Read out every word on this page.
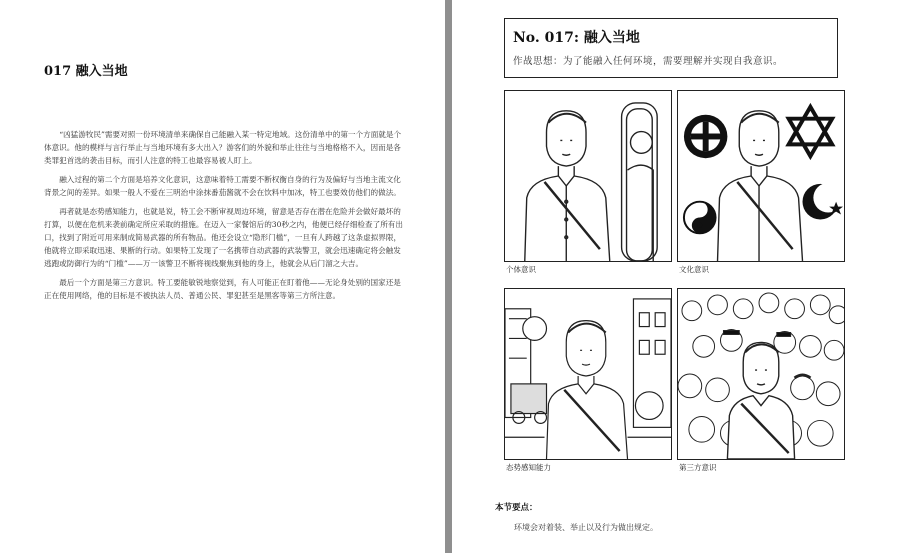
017 融入当地

“凶猛游牧民”需要对照一份环境清单来确保自己能融入某一特定地域。这份清单中的第一个方面就是个体意识。他的模样与言行举止与当地环境有多大出入？游客们的外貌和举止往往与当地格格不入，因而是各类罪犯首选的袭击目标，而引人注意的特工也最容易被人盯上。

融入过程的第二个方面是培养文化意识，这意味着特工需要不断权衡自身的行为及偏好与当地主流文化背景之间的差异。如果一般人不爱在三明治中涂抹番茄酱就不会在饮料中加冰，特工也要效仿他们的做法。

再者就是态势感知能力，也就是说，特工会不断审视周边环境，留意是否存在潜在危险并会做好最坏的打算，以便在危机来袭前确定所应采取的措施。在迈入一家餐馆后的30秒之内，他便已经仔细检查了所有出口，找到了附近可用来制成简易武器的所有物品。他还会设立“隐形门槛”，一旦有人跨越了这条虚拟界限，他就将立即采取迅速、果断的行动。如果特工发现了一名携带自动武器的武装警卫，就会迅速确定将会触发逃跑或防御行为的“门槛”——万一该警卫不断将视线聚焦到他的身上，他就会从后门溜之大吉。

最后一个方面是第三方意识。特工要能敏锐地察觉到，有人可能正在盯着他——无论身处别的国家还是正在使用网络，他的目标是不被执法人员、普通公民、罪犯甚至是黑客等第三方所注意。

No. 017: 融入当地
作战思想：为了能融入任何环境，需要理解并实现自我意识。
个体意识	文化意识
态势感知能力	第三方意识
本节要点：
环境会对着装、举止以及行为做出规定。
